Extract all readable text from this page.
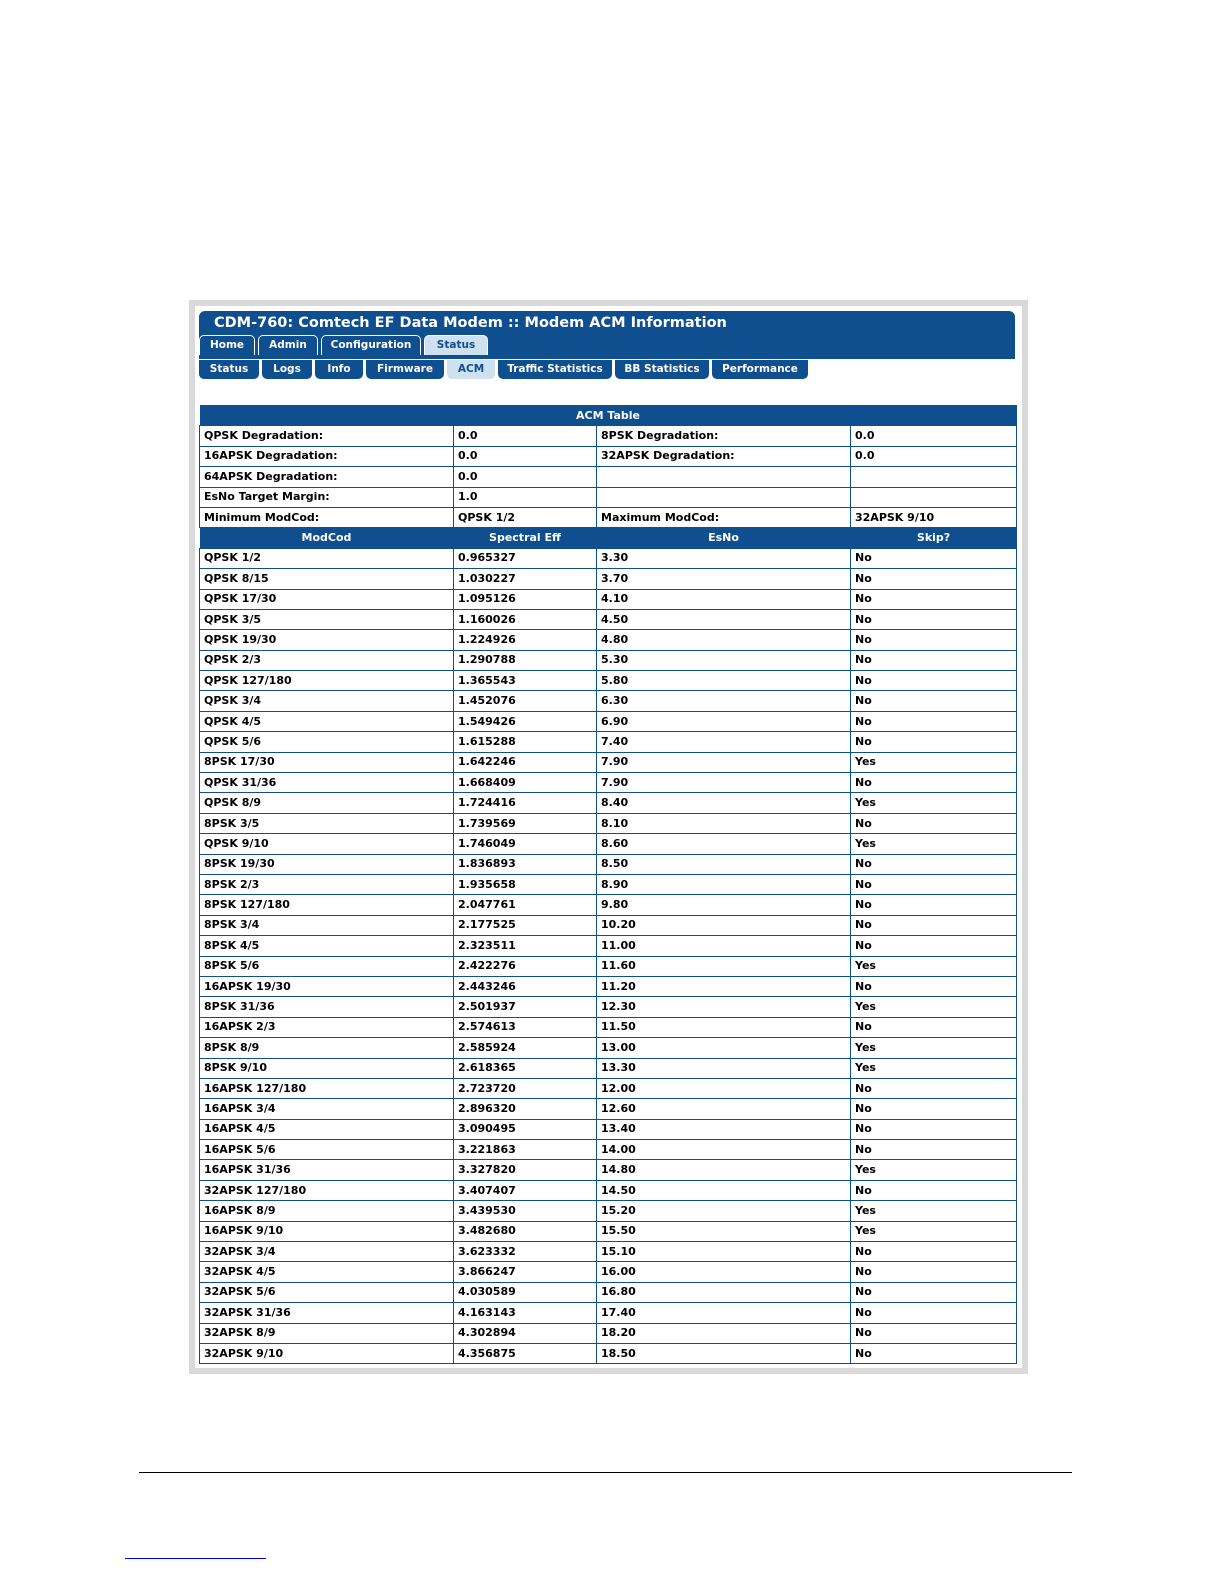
CDM-760: Comtech EF Data Modem :: Modem ACM Information
Home	Admin	Configuration	Status
Status	Logs	Info	Firmware	ACM	Traffic Statistics	BB Statistics	Performance
ACM Table			
QPSK Degradation:	0.0	8PSK Degradation:	0.0
16APSK Degradation:	0.0	32APSK Degradation:	0.0
64APSK Degradation:	0.0		
EsNo Target Margin:	1.0		
Minimum ModCod:	QPSK 1/2	Maximum ModCod:	32APSK 9/10
ModCod	Spectral Eff	EsNo	Skip?
QPSK 1/2	0.965327	3.30	No
QPSK 8/15	1.030227	3.70	No
QPSK 17/30	1.095126	4.10	No
QPSK 3/5	1.160026	4.50	No
QPSK 19/30	1.224926	4.80	No
QPSK 2/3	1.290788	5.30	No
QPSK 127/180	1.365543	5.80	No
QPSK 3/4	1.452076	6.30	No
QPSK 4/5	1.549426	6.90	No
QPSK 5/6	1.615288	7.40	No
8PSK 17/30	1.642246	7.90	Yes
QPSK 31/36	1.668409	7.90	No
QPSK 8/9	1.724416	8.40	Yes
8PSK 3/5	1.739569	8.10	No
QPSK 9/10	1.746049	8.60	Yes
8PSK 19/30	1.836893	8.50	No
8PSK 2/3	1.935658	8.90	No
8PSK 127/180	2.047761	9.80	No
8PSK 3/4	2.177525	10.20	No
8PSK 4/5	2.323511	11.00	No
8PSK 5/6	2.422276	11.60	Yes
16APSK 19/30	2.443246	11.20	No
8PSK 31/36	2.501937	12.30	Yes
16APSK 2/3	2.574613	11.50	No
8PSK 8/9	2.585924	13.00	Yes
8PSK 9/10	2.618365	13.30	Yes
16APSK 127/180	2.723720	12.00	No
16APSK 3/4	2.896320	12.60	No
16APSK 4/5	3.090495	13.40	No
16APSK 5/6	3.221863	14.00	No
16APSK 31/36	3.327820	14.80	Yes
32APSK 127/180	3.407407	14.50	No
16APSK 8/9	3.439530	15.20	Yes
16APSK 9/10	3.482680	15.50	Yes
32APSK 3/4	3.623332	15.10	No
32APSK 4/5	3.866247	16.00	No
32APSK 5/6	4.030589	16.80	No
32APSK 31/36	4.163143	17.40	No
32APSK 8/9	4.302894	18.20	No
32APSK 9/10	4.356875	18.50	No
